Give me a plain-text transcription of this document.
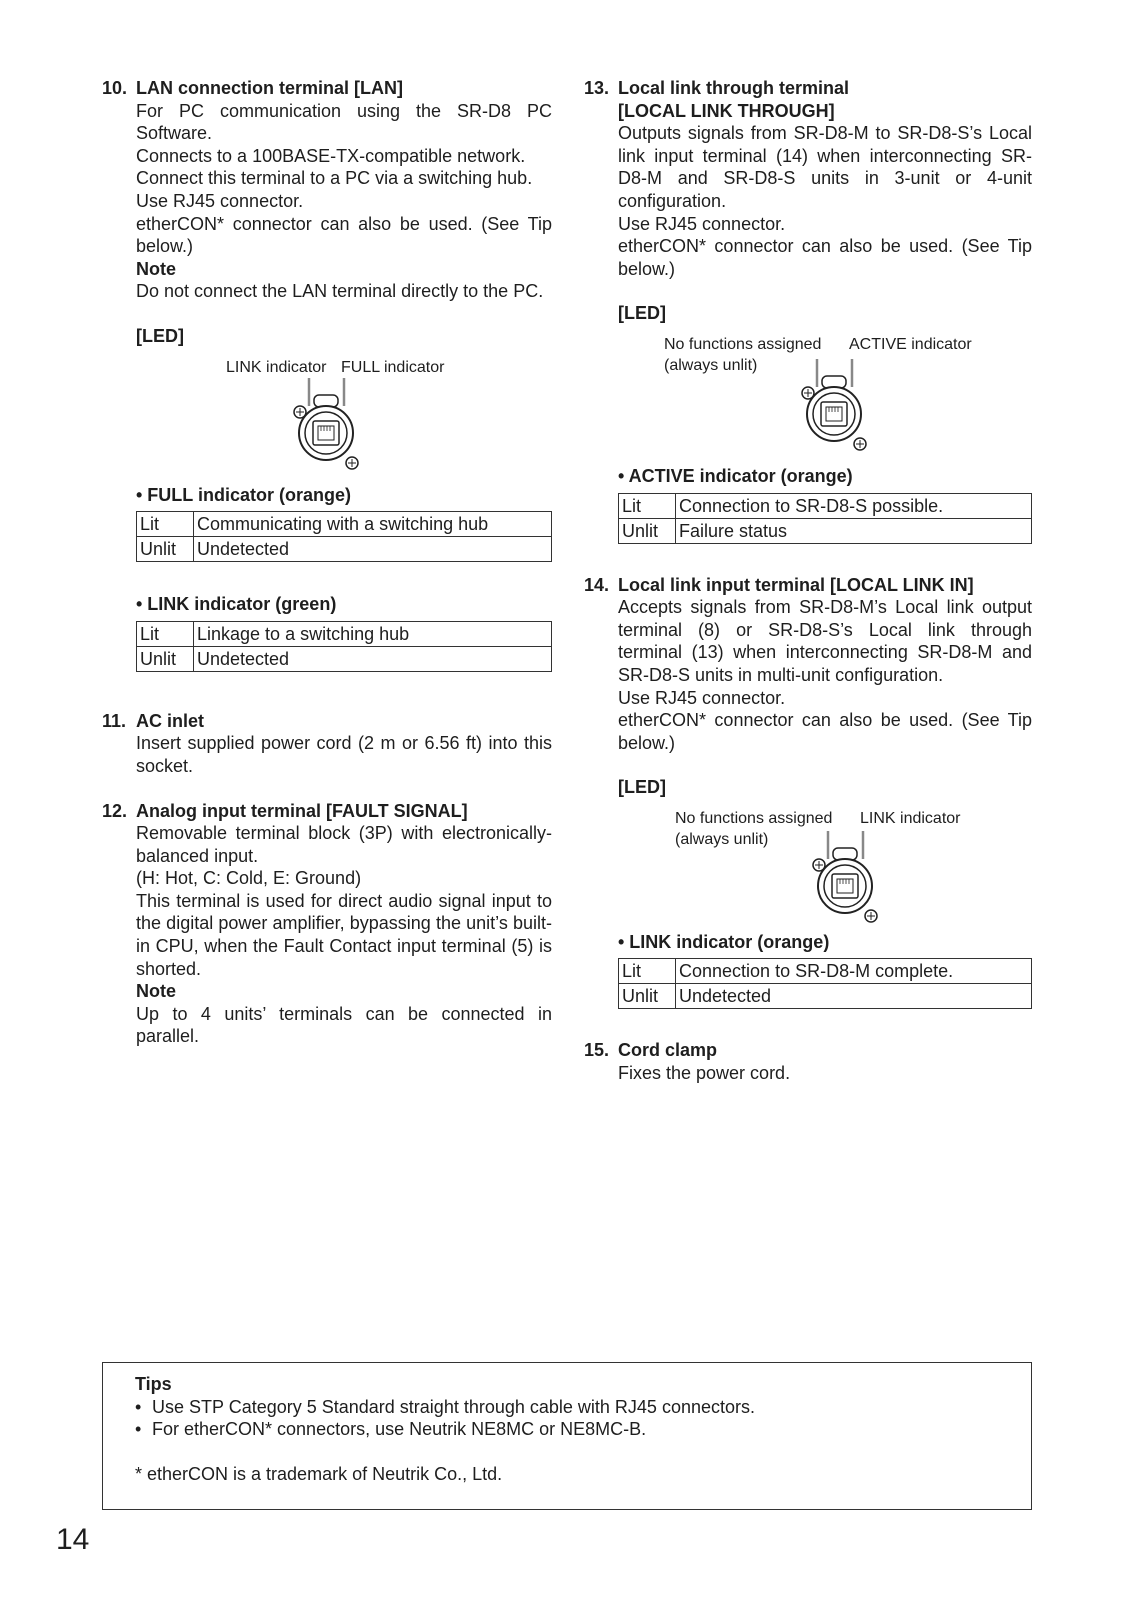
10. LAN connection terminal [LAN]
For PC communication using the SR-D8 PC Software.
Connects to a 100BASE-TX-compatible network.
Connect this terminal to a PC via a switching hub.
Use RJ45 connector.
etherCON* connector can also be used. (See Tip below.)
Note
Do not connect the LAN terminal directly to the PC.
[LED]
LINK indicator FULL indicator
• FULL indicator (orange)
Lit	Communicating with a switching hub
Unlit	Undetected
• LINK indicator (green)
Lit	Linkage to a switching hub
Unlit	Undetected
11. AC inlet
Insert supplied power cord (2 m or 6.56 ft) into this socket.
12. Analog input terminal [FAULT SIGNAL]
Removable terminal block (3P) with electronically-balanced input.
(H: Hot, C: Cold, E: Ground)
This terminal is used for direct audio signal input to the digital power amplifier, bypassing the unit’s built-in CPU, when the Fault Contact input terminal (5) is shorted.
Note
Up to 4 units’ terminals can be connected in parallel.
13. Local link through terminal
[LOCAL LINK THROUGH]
Outputs signals from SR-D8-M to SR-D8-S’s Local link input terminal (14) when interconnecting SR-D8-M and SR-D8-S units in 3-unit or 4-unit configuration.
Use RJ45 connector.
etherCON* connector can also be used. (See Tip below.)
[LED]
No functions assigned
(always unlit)
ACTIVE indicator
• ACTIVE indicator (orange)
Lit	Connection to SR-D8-S possible.
Unlit	Failure status
14. Local link input terminal [LOCAL LINK IN]
Accepts signals from SR-D8-M’s Local link output terminal (8) or SR-D8-S’s Local link through terminal (13) when interconnecting SR-D8-M and SR-D8-S units in multi-unit configuration.
Use RJ45 connector.
etherCON* connector can also be used. (See Tip below.)
[LED]
No functions assigned
(always unlit)
LINK indicator
• LINK indicator (orange)
Lit	Connection to SR-D8-M complete.
Unlit	Undetected
15. Cord clamp
Fixes the power cord.
Tips
• Use STP Category 5 Standard straight through cable with RJ45 connectors.
• For etherCON* connectors, use Neutrik NE8MC or NE8MC-B.
* etherCON is a trademark of Neutrik Co., Ltd.
14
